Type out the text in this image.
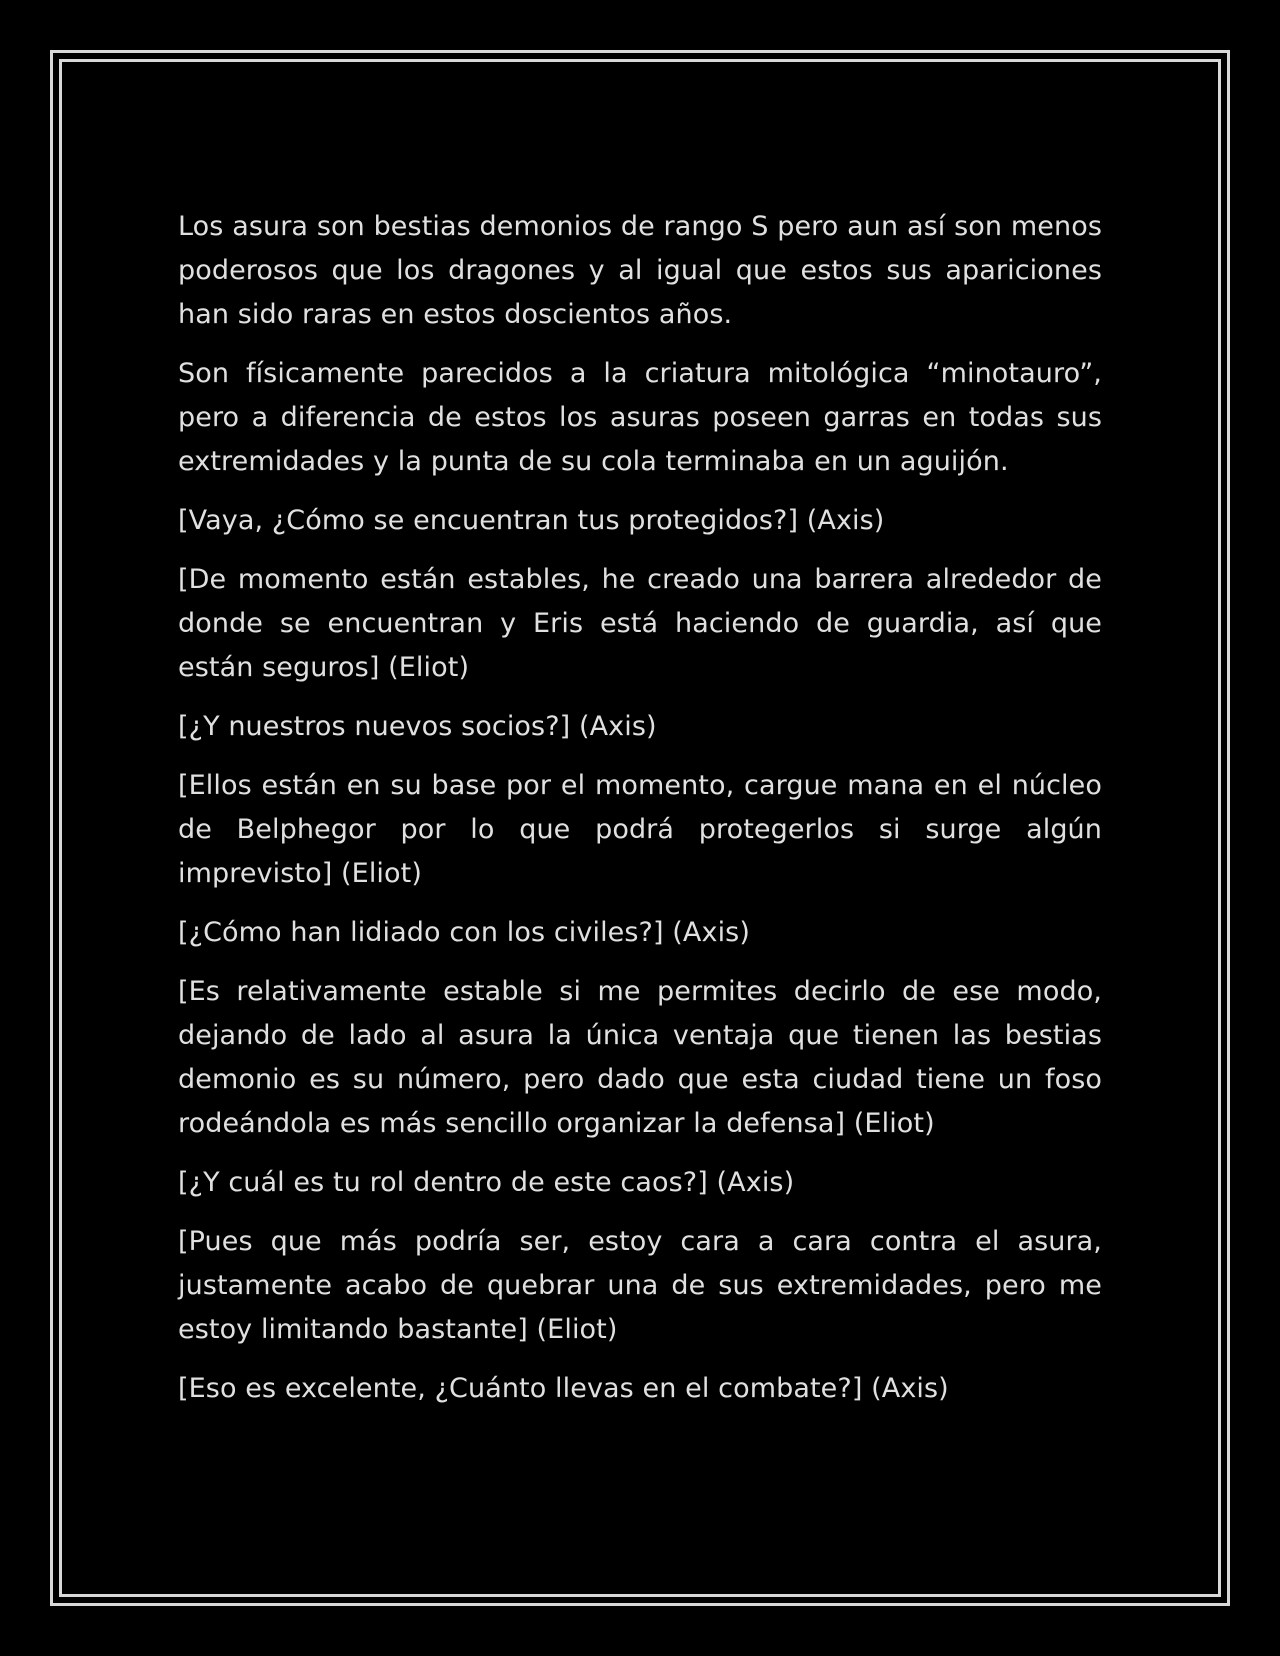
Los asura son bestias demonios de rango S pero aun así son menos poderosos que los dragones y al igual que estos sus apariciones han sido raras en estos doscientos años.

Son físicamente parecidos a la criatura mitológica “minotauro”, pero a diferencia de estos los asuras poseen garras en todas sus extremidades y la punta de su cola terminaba en un aguijón.

[Vaya, ¿Cómo se encuentran tus protegidos?] (Axis)

[De momento están estables, he creado una barrera alrededor de donde se encuentran y Eris está haciendo de guardia, así que están seguros] (Eliot)

[¿Y nuestros nuevos socios?] (Axis)

[Ellos están en su base por el momento, cargue mana en el núcleo de Belphegor por lo que podrá protegerlos si surge algún imprevisto] (Eliot)

[¿Cómo han lidiado con los civiles?] (Axis)

[Es relativamente estable si me permites decirlo de ese modo, dejando de lado al asura la única ventaja que tienen las bestias demonio es su número, pero dado que esta ciudad tiene un foso rodeándola es más sencillo organizar la defensa] (Eliot)

[¿Y cuál es tu rol dentro de este caos?] (Axis)

[Pues que más podría ser, estoy cara a cara contra el asura, justamente acabo de quebrar una de sus extremidades, pero me estoy limitando bastante] (Eliot)

[Eso es excelente, ¿Cuánto llevas en el combate?] (Axis)
